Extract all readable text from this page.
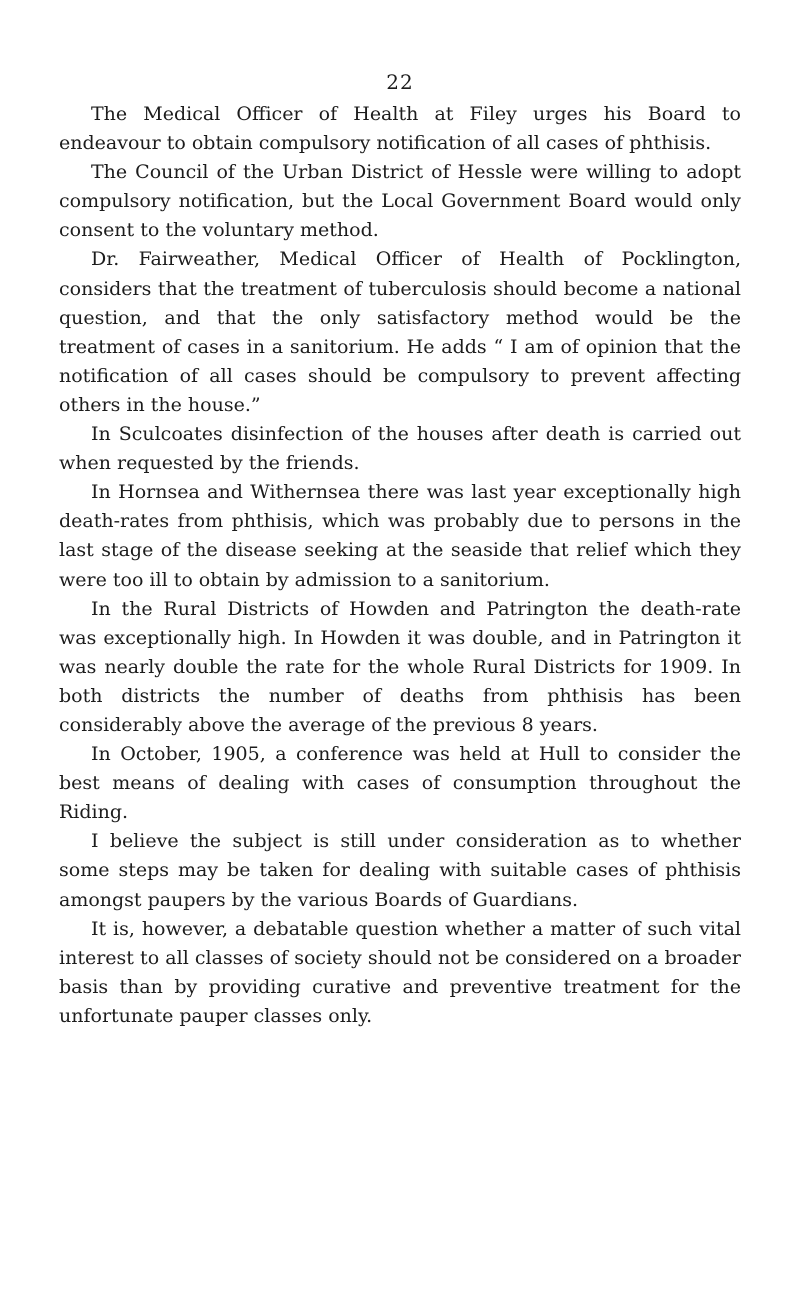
22

The Medical Officer of Health at Filey urges his Board to endeavour to obtain compulsory notification of all cases of phthisis.

The Council of the Urban District of Hessle were willing to adopt compulsory notification, but the Local Government Board would only consent to the voluntary method.

Dr. Fairweather, Medical Officer of Health of Pocklington, considers that the treatment of tuberculosis should become a national question, and that the only satisfactory method would be the treatment of cases in a sanitorium. He adds “ I am of opinion that the notification of all cases should be compulsory to prevent affecting others in the house.”

In Sculcoates disinfection of the houses after death is carried out when requested by the friends.

In Hornsea and Withernsea there was last year exceptionally high death-rates from phthisis, which was probably due to persons in the last stage of the disease seeking at the seaside that relief which they were too ill to obtain by admission to a sanitorium.

In the Rural Districts of Howden and Patrington the death-rate was exceptionally high. In Howden it was double, and in Patrington it was nearly double the rate for the whole Rural Districts for 1909. In both districts the number of deaths from phthisis has been considerably above the average of the previous 8 years.

In October, 1905, a conference was held at Hull to consider the best means of dealing with cases of consumption throughout the Riding.

I believe the subject is still under consideration as to whether some steps may be taken for dealing with suitable cases of phthisis amongst paupers by the various Boards of Guardians.

It is, however, a debatable question whether a matter of such vital interest to all classes of society should not be considered on a broader basis than by providing curative and preventive treatment for the unfortunate pauper classes only.
